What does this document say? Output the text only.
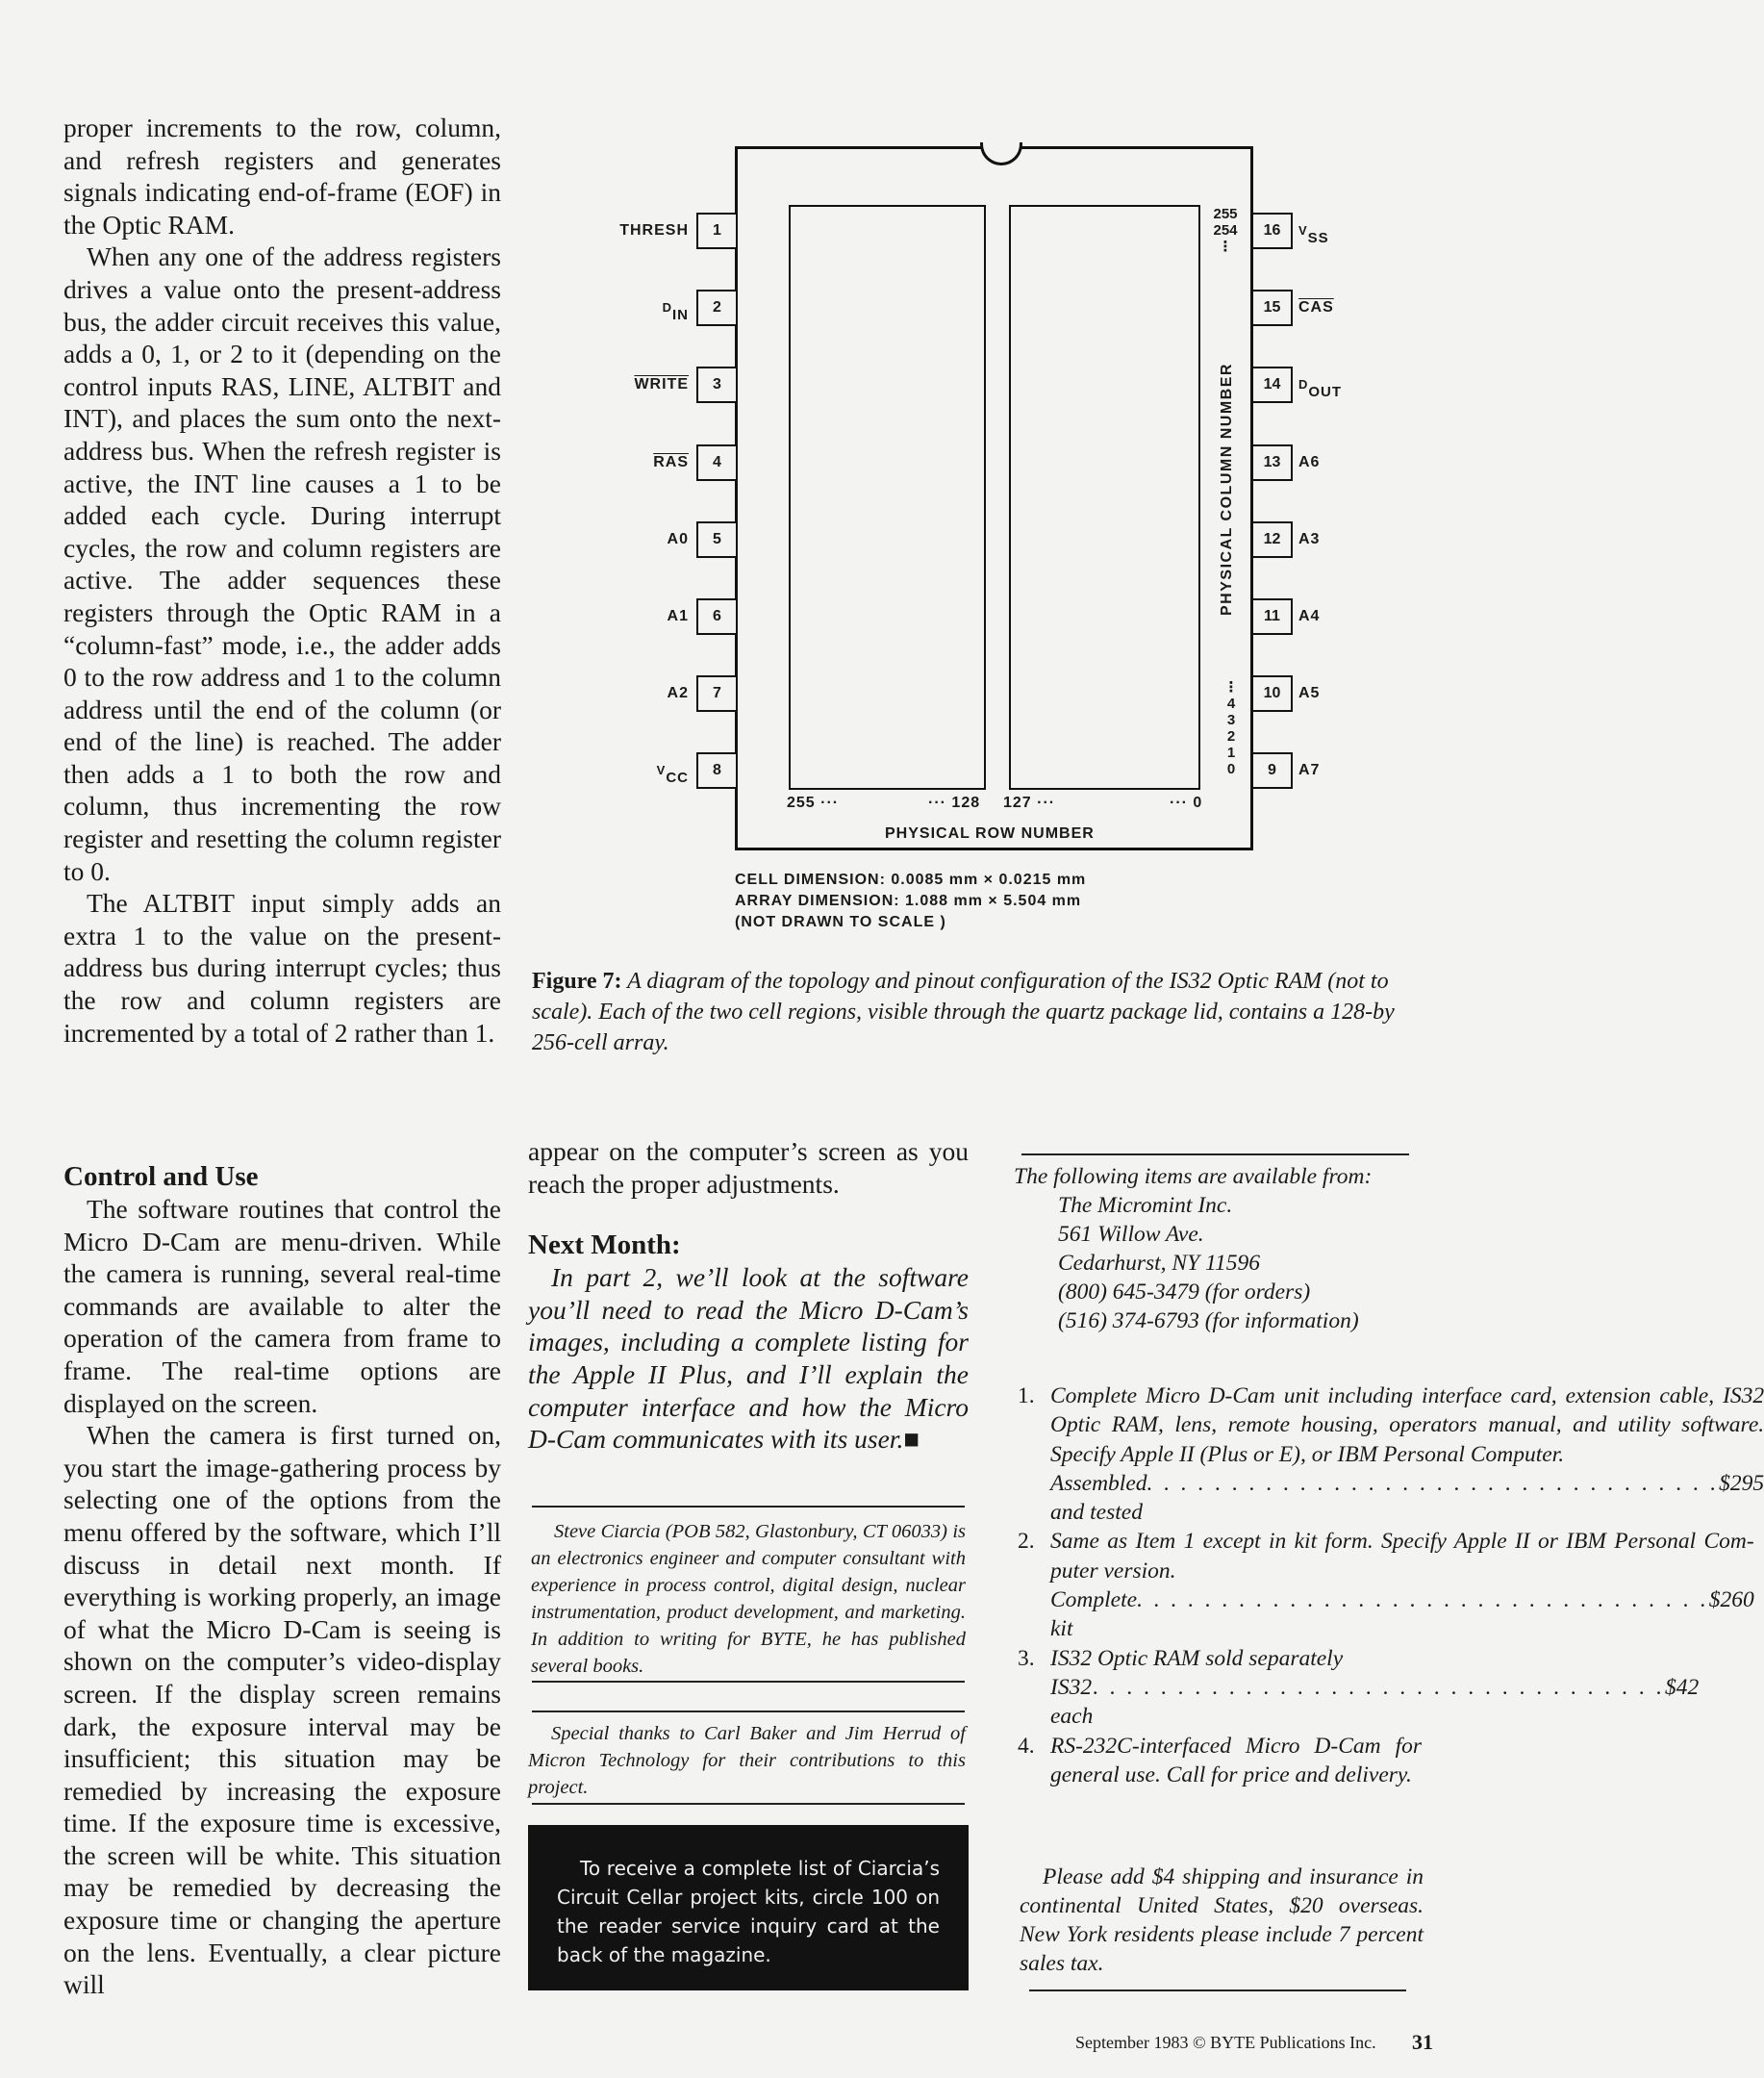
proper increments to the row, column, and refresh registers and generates signals indicating end-of-frame (EOF) in the Optic RAM.

When any one of the address registers drives a value onto the present-address bus, the adder circuit receives this value, adds a 0, 1, or 2 to it (depending on the control inputs RAS, LINE, ALTBIT and INT), and places the sum onto the next-address bus. When the refresh register is active, the INT line causes a 1 to be added each cycle. During interrupt cycles, the row and column registers are active. The adder sequences these registers through the Optic RAM in a “column-fast” mode, i.e., the adder adds 0 to the row address and 1 to the column address until the end of the column (or end of the line) is reached. The adder then adds a 1 to both the row and column, thus incrementing the row register and resetting the column register to 0.

The ALTBIT input simply adds an extra 1 to the value on the present-address bus during interrupt cycles; thus the row and column registers are incremented by a total of 2 rather than 1.

Control and Use

The software routines that control the Micro D-Cam are menu-driven. While the camera is running, several real-time commands are available to alter the operation of the camera from frame to frame. The real-time options are displayed on the screen.

When the camera is first turned on, you start the image-gathering process by selecting one of the options from the menu offered by the software, which I’ll discuss in detail next month. If everything is working properly, an image of what the Micro D-Cam is seeing is shown on the computer’s video-display screen. If the display screen remains dark, the exposure interval may be insufficient; this situation may be remedied by increasing the exposure time. If the exposure time is excessive, the screen will be white. This situation may be remedied by decreasing the exposure time or changing the aperture on the lens. Eventually, a clear picture will

1
THRESH
2
$^D_{IN}$
3
WRITE
4
$\overline{RAS}$
5
A0
6
A1
7
A2
8
$^V_{CC}$
16	$^V_{SS}$
15	$\overline{CAS}$
14	$^D_{OUT}$
13	A6
12	A3
11	A4
10	A5
9	A7
255
254
⋮
PHYSICAL COLUMN NUMBER
⋮
4
3
2
1
0
255 ···	··· 128 127 ···	··· 0
PHYSICAL ROW NUMBER
CELL DIMENSION: 0.0085 mm × 0.0215 mm
ARRAY DIMENSION: 1.088 mm × 5.504 mm
(NOT DRAWN TO SCALE )
Figure 7: A diagram of the topology and pinout configuration of the IS32 Optic RAM (not to scale). Each of the two cell regions, visible through the quartz package lid, contains a 128-by 256-cell array.

appear on the computer’s screen as you reach the proper adjustments.

Next Month:

In part 2, we’ll look at the software you’ll need to read the Micro D-Cam’s images, including a complete listing for the Apple II Plus, and I’ll explain the computer interface and how the Micro D-Cam communicates with its user.■

Steve Ciarcia (POB 582, Glastonbury, CT 06033) is an electronics engineer and computer consultant with experience in process control, digital design, nuclear instrumentation, product development, and marketing. In addition to writing for BYTE, he has published several books.

Special thanks to Carl Baker and Jim Herrud of Micron Technology for their contributions to this project.

To receive a complete list of Ciarcia’s Circuit Cellar project kits, circle 100 on the reader service inquiry card at the back of the magazine.

The following items are available from:
The Micromint Inc.
561 Willow Ave.
Cedarhurst, NY 11596
(800) 645-3479 (for orders)
(516) 374-6793 (for information)
1. Complete Micro D-Cam unit including interface card, extension cable, IS32 Optic RAM, lens, remote housing, operators manual, and utility software. Specify Apple II (Plus or E), or IBM Personal Computer.
Assembled and tested
. . . . . . . . . . . . . . . . . . . . . . . . . . . . . . . . . . $295
2. Same as Item 1 except in kit form. Specify Apple II or IBM Personal Computer version.
Complete kit
. . . . . . . . . . . . . . . . . . . . . . . . . . . . . . . . . . $260
3. IS32 Optic RAM sold separately
IS32 each
. . . . . . . . . . . . . . . . . . . . . . . . . . . . . . . . . . $42
4. RS-232C-interfaced Micro D-Cam for general use. Call for price and delivery.
Please add $4 shipping and insurance in continental United States, $20 overseas. New York residents please include 7 percent sales tax.
September 1983 © BYTE Publications Inc. 31
